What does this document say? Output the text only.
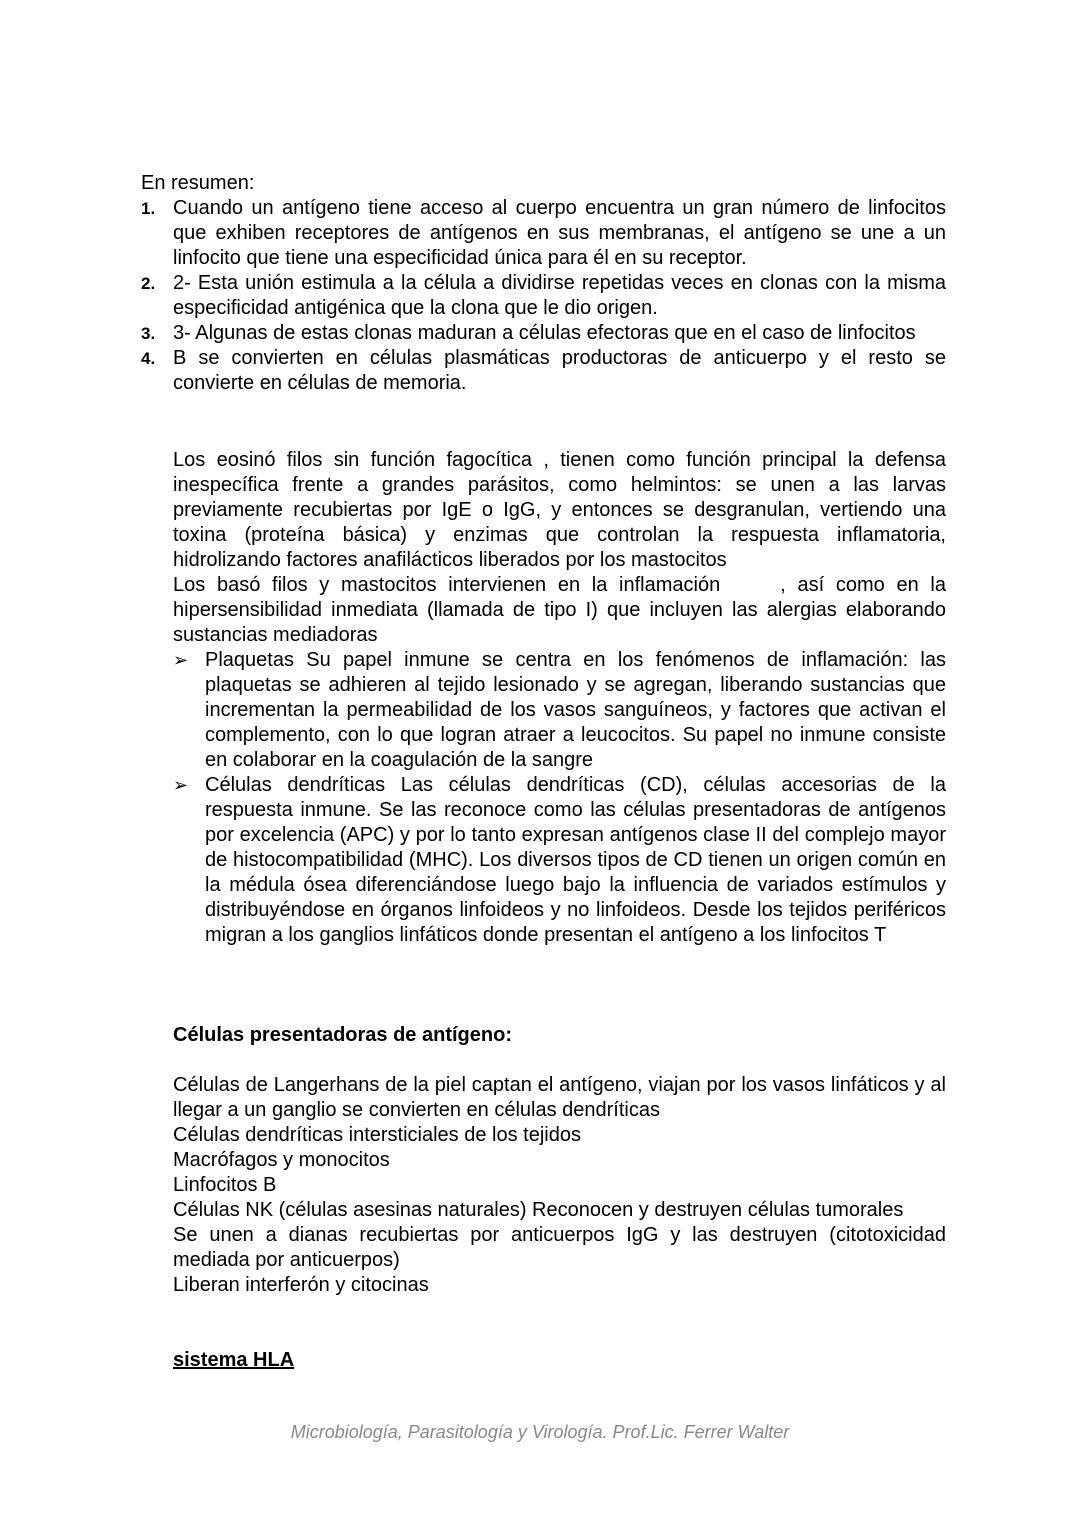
En resumen:
1. Cuando un antígeno tiene acceso al cuerpo encuentra un gran número de linfocitos que exhiben receptores de antígenos en sus membranas, el antígeno se une a un linfocito que tiene una especificidad única para él en su receptor.
2. 2- Esta unión estimula a la célula a dividirse repetidas veces en clonas con la misma especificidad antigénica que la clona que le dio origen.
3. 3- Algunas de estas clonas maduran a células efectoras que en el caso de linfocitos
4. B se convierten en células plasmáticas productoras de anticuerpo y el resto se convierte en células de memoria.
Los eosinó filos sin función fagocítica , tienen como función principal la defensa inespecífica frente a grandes parásitos, como helmintos: se unen a las larvas previamente recubiertas por IgE o IgG, y entonces se desgranulan, vertiendo una toxina (proteína básica) y enzimas que controlan la respuesta inflamatoria, hidrolizando factores anafilácticos liberados por los mastocitos
Los basó filos y mastocitos intervienen en la inflamación	, así como en la hipersensibilidad inmediata (llamada de tipo I) que incluyen las alergias elaborando sustancias mediadoras
➢ Plaquetas Su papel inmune se centra en los fenómenos de inflamación: las plaquetas se adhieren al tejido lesionado y se agregan, liberando sustancias que incrementan la permeabilidad de los vasos sanguíneos, y factores que activan el complemento, con lo que logran atraer a leucocitos. Su papel no inmune consiste en colaborar en la coagulación de la sangre
➢ Células dendríticas Las células dendríticas (CD), células accesorias de la respuesta inmune. Se las reconoce como las células presentadoras de antígenos por excelencia (APC) y por lo tanto expresan antígenos clase II del complejo mayor de histocompatibilidad (MHC). Los diversos tipos de CD tienen un origen común en la médula ósea diferenciándose luego bajo la influencia de variados estímulos y distribuyéndose en órganos linfoideos y no linfoideos. Desde los tejidos periféricos migran a los ganglios linfáticos donde presentan el antígeno a los linfocitos T
Células presentadoras de antígeno:

Células de Langerhans de la piel captan el antígeno, viajan por los vasos linfáticos y al llegar a un ganglio se convierten en células dendríticas

Células dendríticas intersticiales de los tejidos

Macrófagos y monocitos

Linfocitos B

Células NK (células asesinas naturales) Reconocen y destruyen células tumorales

Se unen a dianas recubiertas por anticuerpos IgG y las destruyen (citotoxicidad mediada por anticuerpos)

Liberan interferón y citocinas

sistema HLA
Microbiología, Parasitología y Virología. Prof.Lic. Ferrer Walter
